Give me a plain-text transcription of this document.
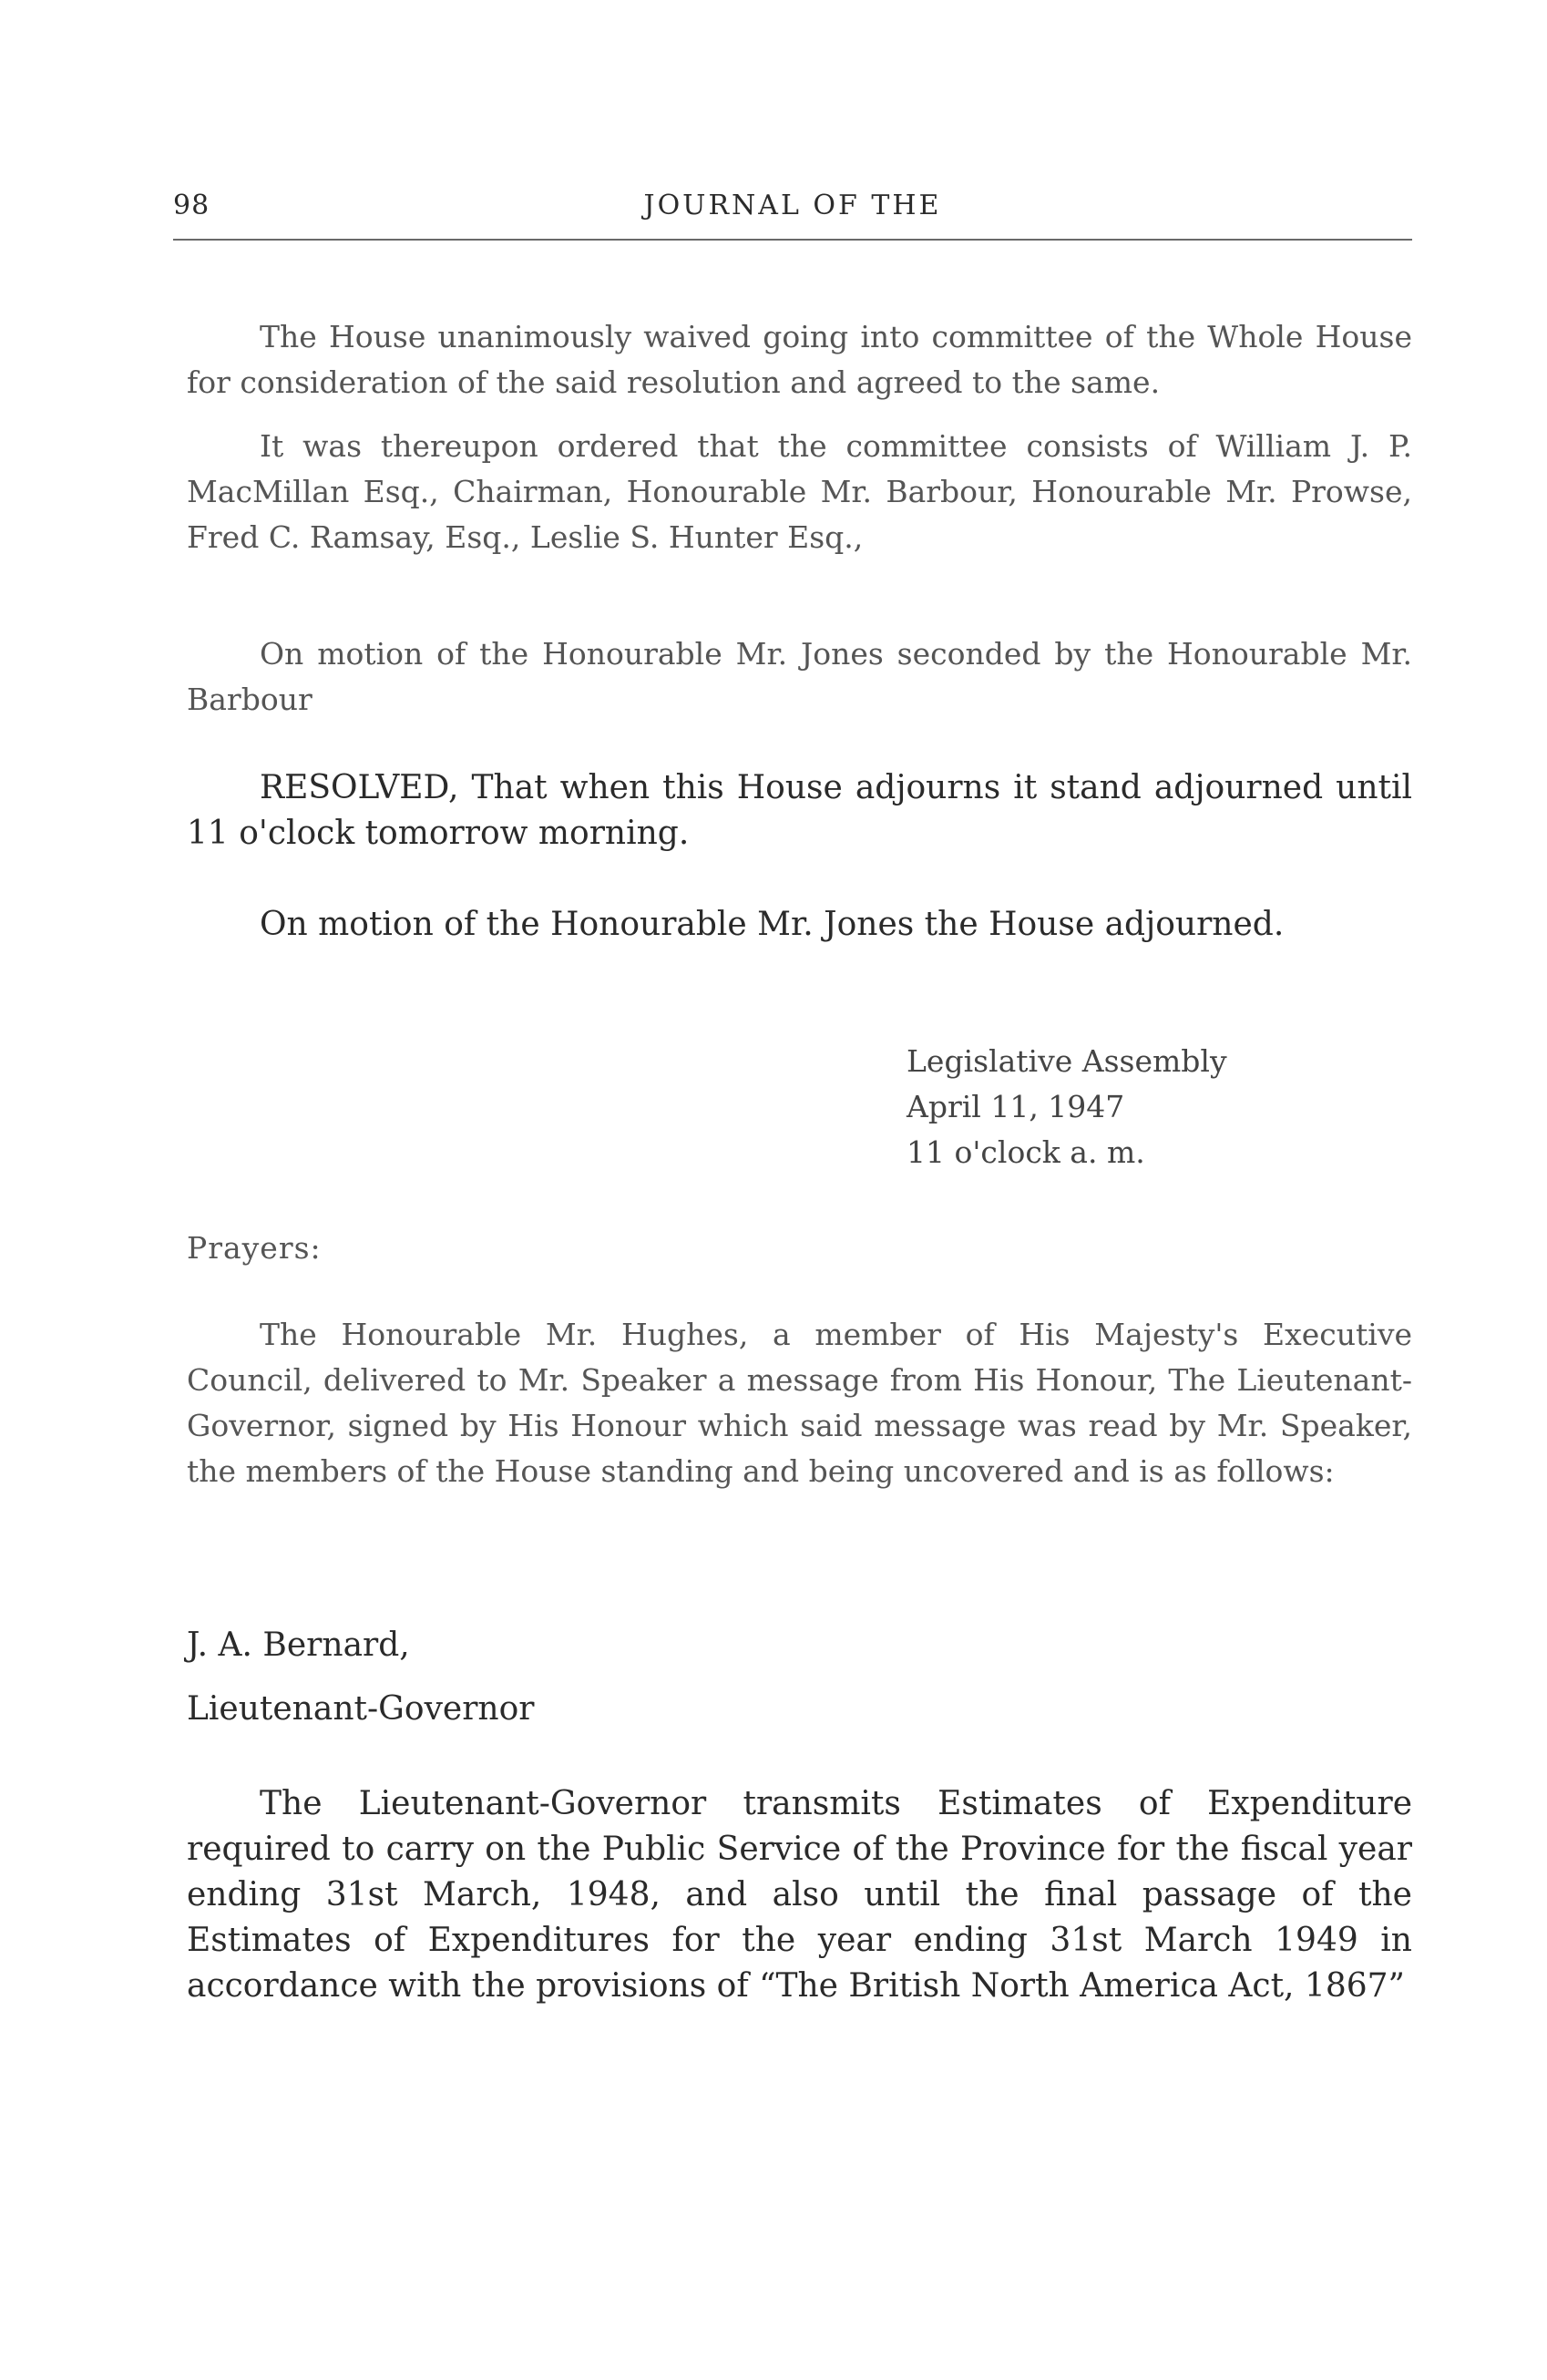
98	JOURNAL OF THE

The House unanimously waived going into committee of the Whole House for consideration of the said resolution and agreed to the same.

It was thereupon ordered that the committee consists of William J. P. MacMillan Esq., Chairman, Honourable Mr. Barbour, Honourable Mr. Prowse, Fred C. Ramsay, Esq., Leslie S. Hunter Esq.,

On motion of the Honourable Mr. Jones seconded by the Honourable Mr. Barbour

RESOLVED, That when this House adjourns it stand adjourned until 11 o'clock tomorrow morning.

On motion of the Honourable Mr. Jones the House adjourned.

Legislative Assembly
April 11, 1947
11 o'clock a. m.
Prayers:

The Honourable Mr. Hughes, a member of His Majesty's Executive Council, delivered to Mr. Speaker a message from His Honour, The Lieutenant-Governor, signed by His Honour which said message was read by Mr. Speaker, the members of the House standing and being uncovered and is as follows:

J. A. Bernard,
Lieutenant-Governor

The Lieutenant-Governor transmits Estimates of Expenditure required to carry on the Public Service of the Province for the fiscal year ending 31st March, 1948, and also until the final passage of the Estimates of Expenditures for the year ending 31st March 1949 in accordance with the provisions of “The British North America Act, 1867”
